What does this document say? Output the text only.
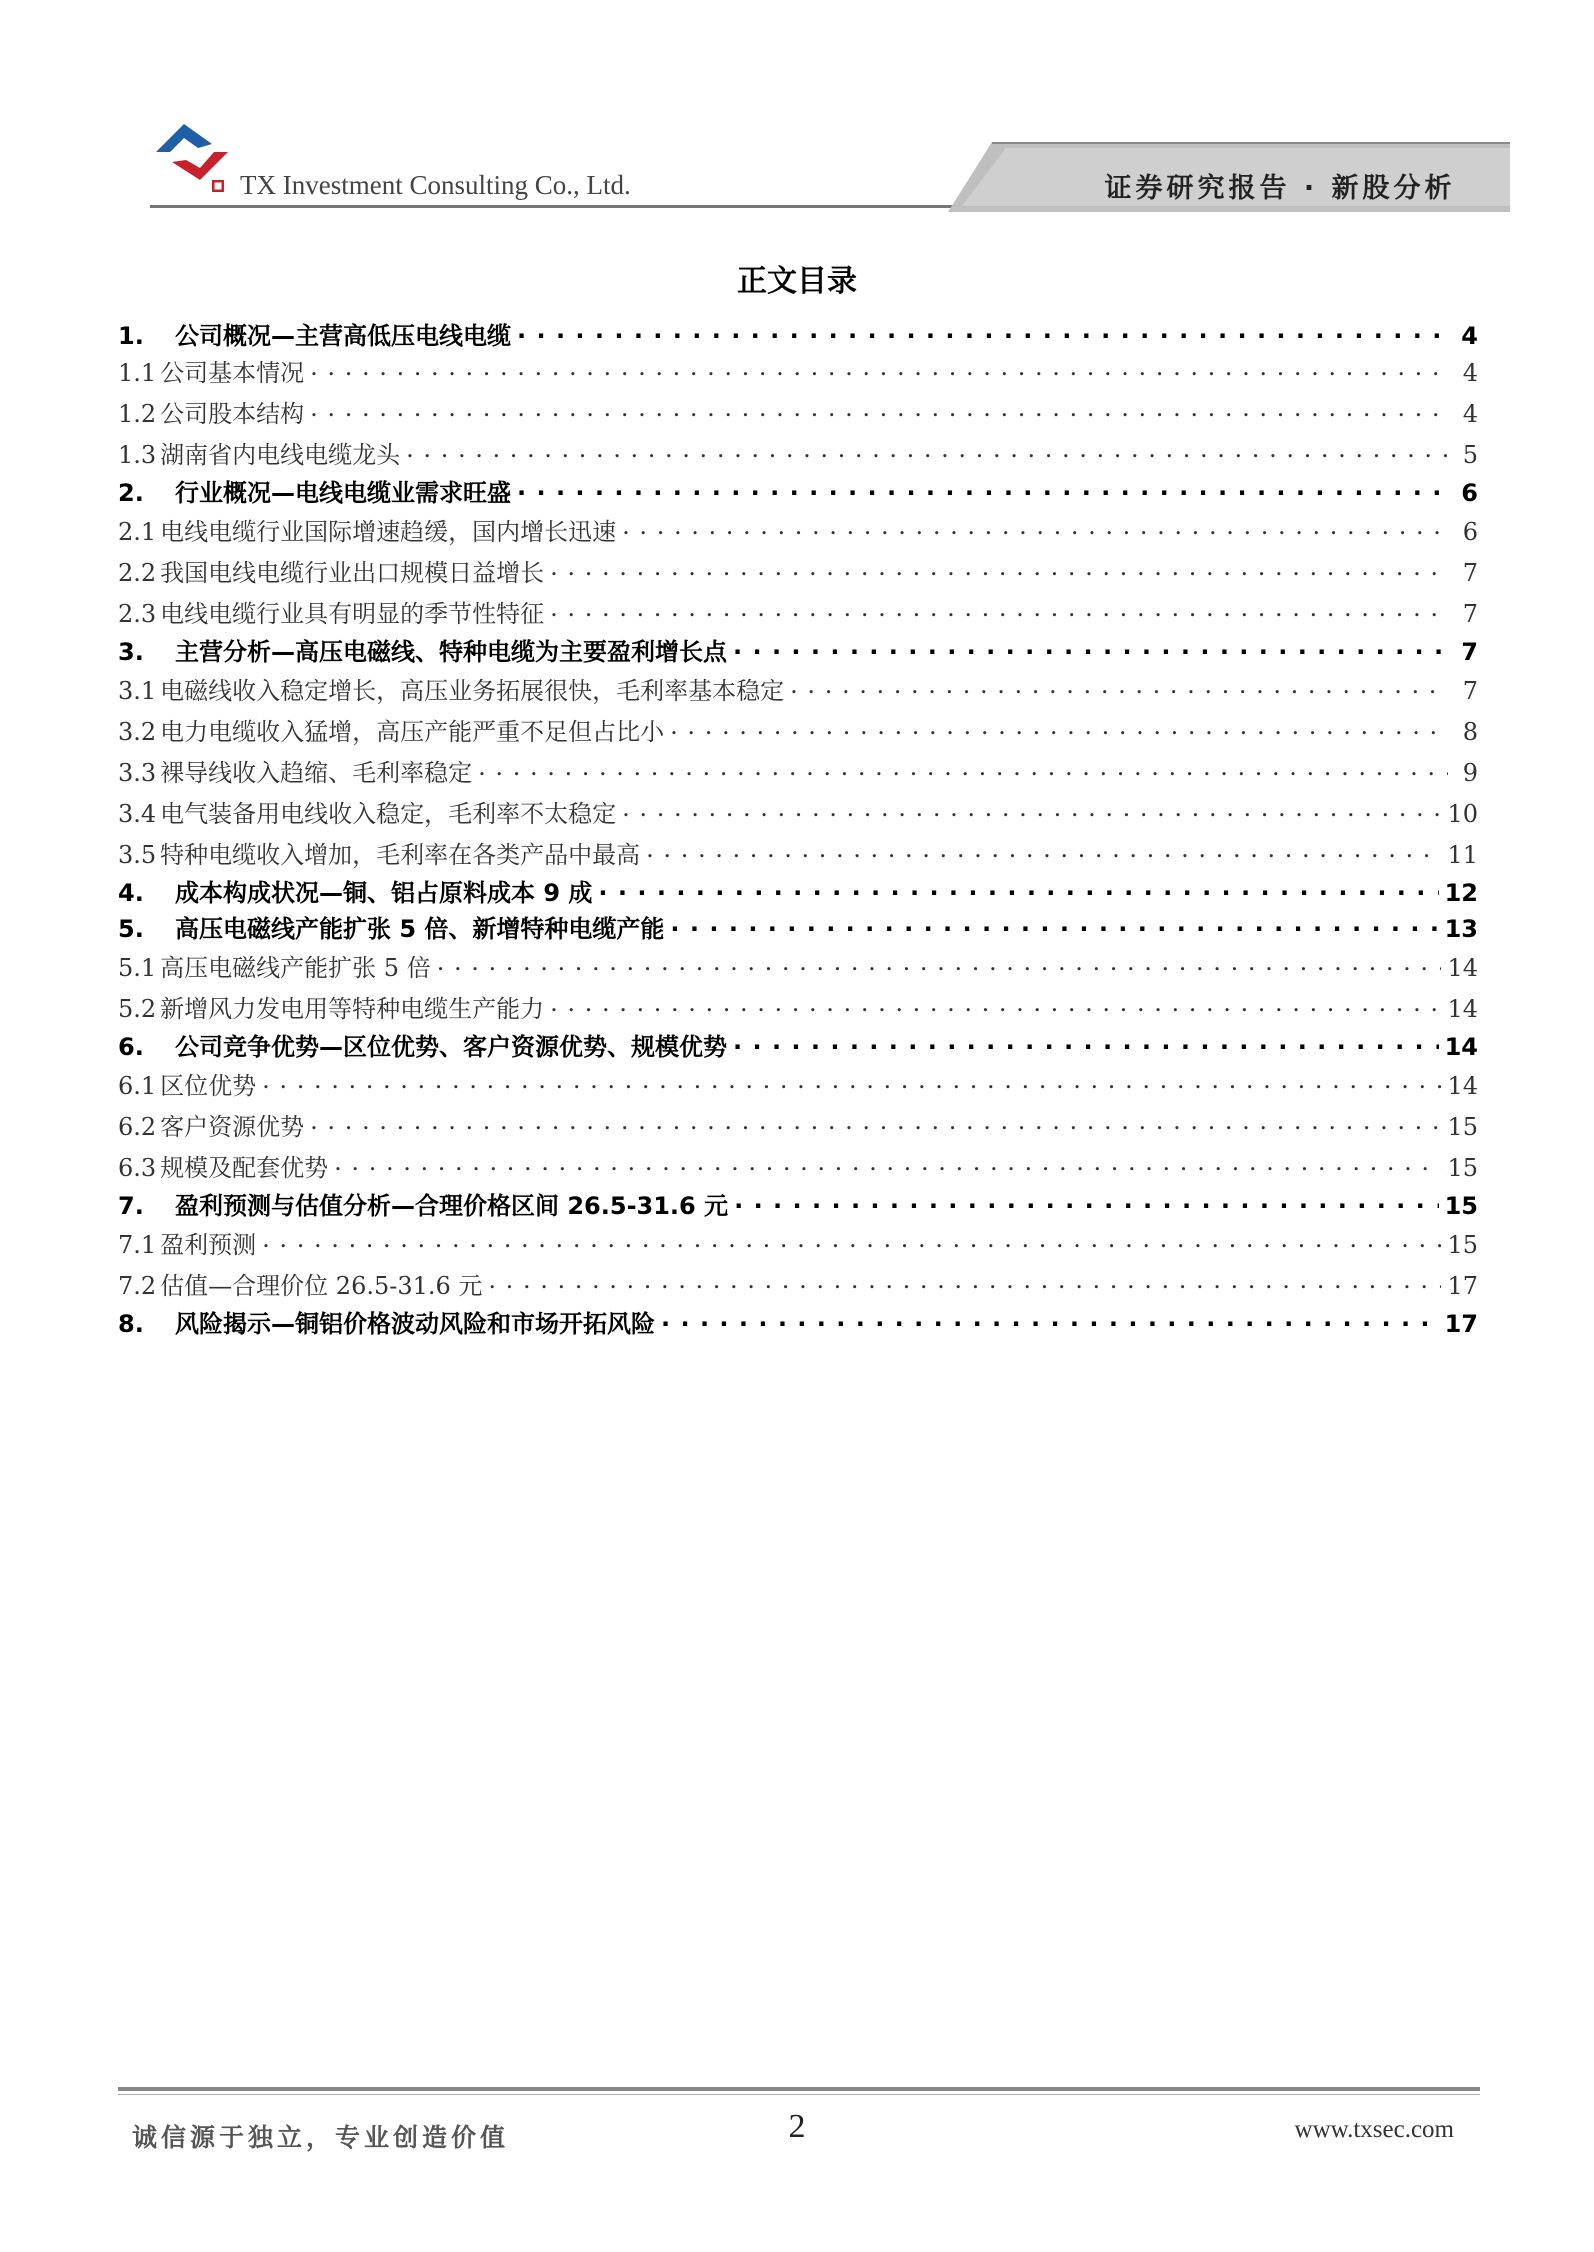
TX Investment Consulting Co., Ltd.	证券研究报告 · 新股分析
正文目录
1. 公司概况—主营高低压电线电缆 . . .	4
1.1 公司基本情况 . . .	4
1.2 公司股本结构 . . .	4
1.3 湖南省内电线电缆龙头 . . .	5
2. 行业概况—电线电缆业需求旺盛 . . .	6
2.1 电线电缆行业国际增速趋缓，国内增长迅速 . . .	6
2.2 我国电线电缆行业出口规模日益增长 . . .	7
2.3 电线电缆行业具有明显的季节性特征 . . .	7
3. 主营分析—高压电磁线、特种电缆为主要盈利增长点 . . .	7
3.1 电磁线收入稳定增长，高压业务拓展很快，毛利率基本稳定 . . .	7
3.2 电力电缆收入猛增，高压产能严重不足但占比小 . . .	8
3.3 裸导线收入趋缩、毛利率稳定 . . .	9
3.4 电气装备用电线收入稳定，毛利率不太稳定 . . .	10
3.5 特种电缆收入增加，毛利率在各类产品中最高 . . .	11
4. 成本构成状况—铜、铝占原料成本 9 成 . . .	12
5. 高压电磁线产能扩张 5 倍、新增特种电缆产能 . . .	13
5.1 高压电磁线产能扩张 5 倍 . . .	14
5.2 新增风力发电用等特种电缆生产能力 . . .	14
6. 公司竞争优势—区位优势、客户资源优势、规模优势 . . .	14
6.1 区位优势 . . .	14
6.2 客户资源优势 . . .	15
6.3 规模及配套优势 . . .	15
7. 盈利预测与估值分析—合理价格区间 26.5-31.6 元 . . .	15
7.1 盈利预测 . . .	15
7.2 估值—合理价位 26.5-31.6 元 . . .	17
8. 风险揭示—铜铝价格波动风险和市场开拓风险 . . .	17
诚信源于独立，专业创造价值	2	www.txsec.com
